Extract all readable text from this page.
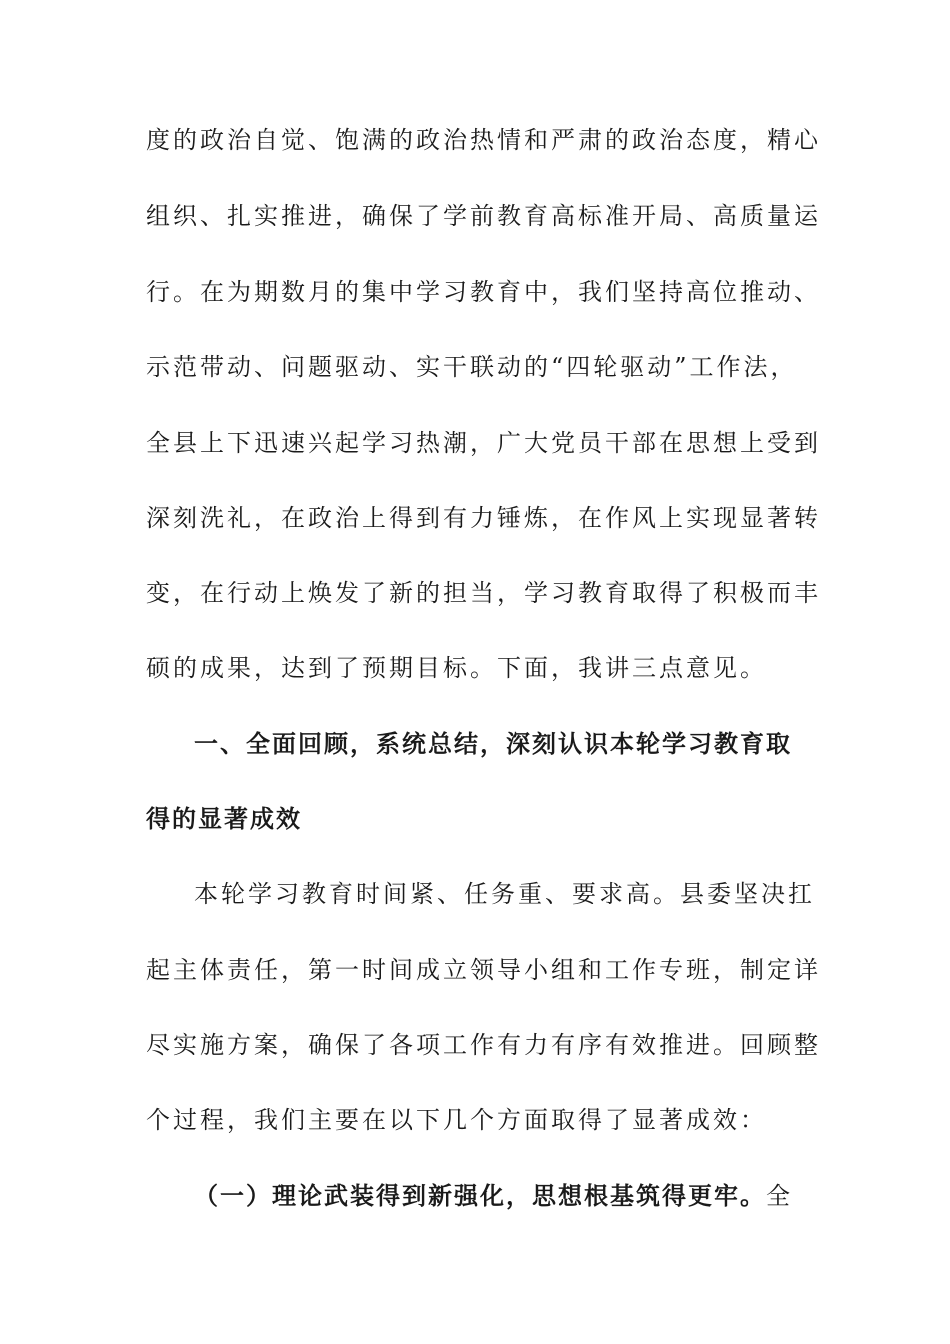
度的政治自觉、饱满的政治热情和严肃的政治态度，精心
组织、扎实推进，确保了学前教育高标准开局、高质量运
行。在为期数月的集中学习教育中，我们坚持高位推动、
示范带动、问题驱动、实干联动的“四轮驱动”工作法，
全县上下迅速兴起学习热潮，广大党员干部在思想上受到
深刻洗礼，在政治上得到有力锤炼，在作风上实现显著转
变，在行动上焕发了新的担当，学习教育取得了积极而丰
硕的成果，达到了预期目标。下面，我讲三点意见。
一、全面回顾，系统总结，深刻认识本轮学习教育取
得的显著成效
本轮学习教育时间紧、任务重、要求高。县委坚决扛
起主体责任，第一时间成立领导小组和工作专班，制定详
尽实施方案，确保了各项工作有力有序有效推进。回顾整
个过程，我们主要在以下几个方面取得了显著成效：
（一）理论武装得到新强化，思想根基筑得更牢。全
